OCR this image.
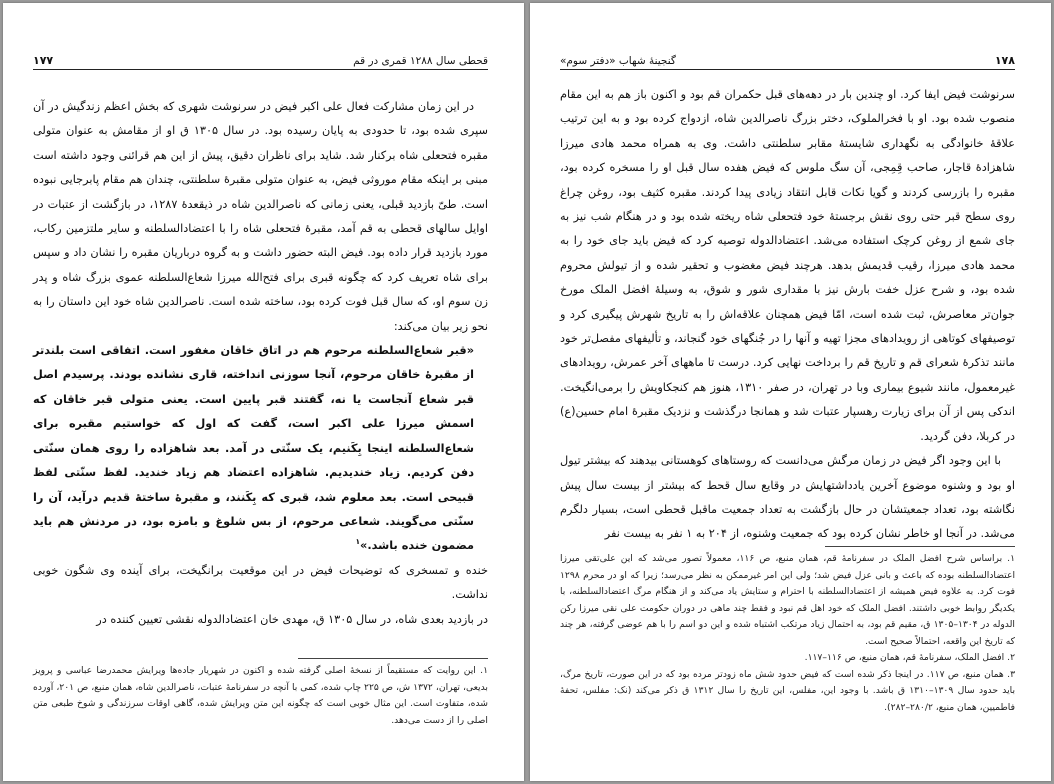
قحطی سال ۱۲۸۸ قمری در قم
۱۷۷

در این زمان مشارکت فعال علی اکبر فیض در سرنوشت شهری که بخش اعظم زندگیش در آن سپری شده بود، تا حدودی به پایان رسیده بود. در سال ۱۳۰۵ ق او از مقامش به عنوان متولی مقبره فتحعلی شاه برکنار شد. شاید برای ناظران دقیق، پیش از این هم قرائنی وجود داشته است مبنی بر اینکه مقام موروثی فیض، به عنوان متولی مقبرهٔ سلطنتی، چندان هم مقام پابرجایی نبوده است. طیّ بازدید قبلی، یعنی زمانی که ناصرالدین شاه در ذیقعدهٔ ۱۲۸۷، در بازگشت از عتبات در اوایل سالهای قحطی به قم آمد، مقبرهٔ فتحعلی شاه را با اعتضادالسلطنه و سایر ملتزمین رکاب، مورد بازدید قرار داده بود. فیض البته حضور داشت و به گروه درباریان مقبره را نشان داد و سپس برای شاه تعریف کرد که چگونه قبری برای فتح‌الله میرزا شعاع‌السلطنه عموی بزرگ شاه و پدر زن سوم او، که سال قبل فوت کرده بود، ساخته شده است. ناصرالدین شاه خود این داستان را به نحو زیر بیان می‌کند:

«قبر شعاع‌السلطنه مرحوم هم در اتاق خاقان مغفور است. اتفاقی است بلندتر از مقبرهٔ خاقان مرحوم، آنجا سوزنی انداخته، قاری نشانده بودند. پرسیدم اصل قبر شعاع آنجاست یا نه، گفتند قبر پایین است. یعنی متولی قبر خاقان که اسمش میرزا علی اکبر است، گفت که اول که خواستیم مقبره برای شعاع‌السلطنه اینجا بِکَنیم، یک سنّتی در آمد. بعد شاهزاده را روی همان سنّتی دفن کردیم. زیاد خندیدیم. شاهزاده اعتضاد هم زیاد خندید. لفظ سنّتی لفظ قبیحی است. بعد معلوم شد، قبری که بِکَنند، و مقبرهٔ ساختهٔ قدیم درآید، آن را سنّتی می‌گویند. شعاعی مرحوم، از بس شلوغ و بامزه بود، در مردنش هم باید مضمون خنده باشد.»$^۱$

خنده و تمسخری که توضیحات فیض در این موقعیت برانگیخت، برای آینده وی شگون خوبی نداشت.

در بازدید بعدی شاه، در سال ۱۳۰۵ ق، مهدی خان اعتضادالدوله نقشی تعیین کننده در

۱. این روایت که مستقیماً از نسخهٔ اصلی گرفته شده و اکنون در شهریار جاده‌ها ویرایش محمدرضا عباسی و پرویز بدیعی، تهران، ۱۳۷۲ ش، ص ۲۲۵ چاپ شده، کمی با آنچه در سفرنامهٔ عتبات، ناصرالدین شاه، همان منبع، ص ۲۰۱، آورده شده، متفاوت است. این مثال خوبی است که چگونه این متن ویرایش شده، گاهی اوقات سرزندگی و شوخ طبعی متن اصلی را از دست می‌دهد.

۱۷۸
گنجینهٔ شهاب «دفتر سوم»

سرنوشت فیض ایفا کرد. او چندین بار در دهه‌های قبل حکمران قم بود و اکنون باز هم به این مقام منصوب شده بود. او با فخرالملوک، دختر بزرگ ناصرالدین شاه، ازدواج کرده بود و به این ترتیب علاقهٔ خانوادگی به نگهداری شایستهٔ مقابر سلطنتی داشت. وی به همراه محمد هادی میرزا شاهزادهٔ قاجار، صاحب قِمِجی، آن سگ ملوس که فیض هفده سال قبل او را مسخره کرده بود، مقبره را بازرسی کردند و گویا نکات قابل انتقاد زیادی پیدا کردند. مقبره کثیف بود، روغن چراغ روی سطح قبر حتی روی نقش برجستهٔ خود فتحعلی شاه ریخته شده بود و در هنگام شب نیز به جای شمع از روغن کرچک استفاده می‌شد. اعتضادالدوله توصیه کرد که فیض باید جای خود را به محمد هادی میرزا، رقیب قدیمش بدهد. هرچند فیض مغضوب و تحقیر شده و از تیولش محروم شده بود، و شرح عزل خفت بارش نیز با مقداری شور و شوق، به وسیلهٔ افضل الملک مورخ جوان‌تر معاصرش، ثبت شده است، امّا فیض همچنان علاقه‌اش را به تاریخ شهرش پیگیری کرد و توصیفهای کوتاهی از رویدادهای مجزا تهیه و آنها را در جُنگهای خود گنجاند، و تألیفهای مفصل‌تر خود مانند تذکرهٔ شعرای قم و تاریخ قم را برداخت نهایی کرد. درست تا ماههای آخر عمرش، رویدادهای غیرمعمول، مانند شیوع بیماری وبا در تهران، در صفر ۱۳۱۰، هنوز هم کنجکاویش را برمی‌انگیخت. اندکی پس از آن برای زیارت رهسپار عتبات شد و همانجا درگذشت و نزدیک مقبرهٔ امام حسین(ع) در کربلا، دفن گردید.

با این وجود اگر فیض در زمان مرگش می‌دانست که روستاهای کوهستانی بیدهند که بیشتر تیول او بود و وشنوه موضوع آخرین یادداشتهایش در وقایع سال قحط که بیشتر از بیست سال پیش نگاشته بود، تعداد جمعیتشان در حال بازگشت به تعداد جمعیت ماقبل قحطی است، بسیار دلگرم می‌شد. در آنجا او خاطر نشان کرده بود که جمعیت وشنوه، از ۲۰۴ به ۱ نفر به بیست نفر

۱. براساس شرح افضل الملک در سفرنامهٔ قم، همان منبع، ص ۱۱۶، معمولاً تصور می‌شد که این علی‌تقی میرزا اعتضادالسلطنه بوده که باعث و بانی عزل فیض شد؛ ولی این امر غیرممکن به نظر می‌رسد؛ زیرا که او در محرم ۱۲۹۸ فوت کرد. به علاوه فیض همیشه از اعتضادالسلطنه با احترام و ستایش یاد می‌کند و از هنگام مرگ اعتضادالسلطنه، با یکدیگر روابط خوبی داشتند. افضل الملک که خود اهل قم نبود و فقط چند ماهی در دوران حکومت علی نقی میرزا رکن الدوله در ۱۳۰۴–۱۳۰۵ ق، مقیم قم بود، به احتمال زیاد مرتکب اشتباه شده و این دو اسم را با هم عوضی گرفته، هر چند که تاریخ این واقعه، احتمالاً صحیح است.

۲. افضل الملک، سفرنامهٔ قم، همان منبع، ص ۱۱۶–۱۱۷.

۳. همان منبع، ص ۱۱۷. در اینجا ذکر شده است که فیض حدود شش ماه زودتر مرده بود که در این صورت، تاریخ مرگ، باید حدود سال ۱۳۰۹–۱۳۱۰ ق باشد. با وجود این، مفلس، این تاریخ را سال ۱۳۱۲ ق ذکر می‌کند (نک: مفلس، تحفهٔ فاطمیین، همان منبع، ۲۸۰/۲–۲۸۲).
